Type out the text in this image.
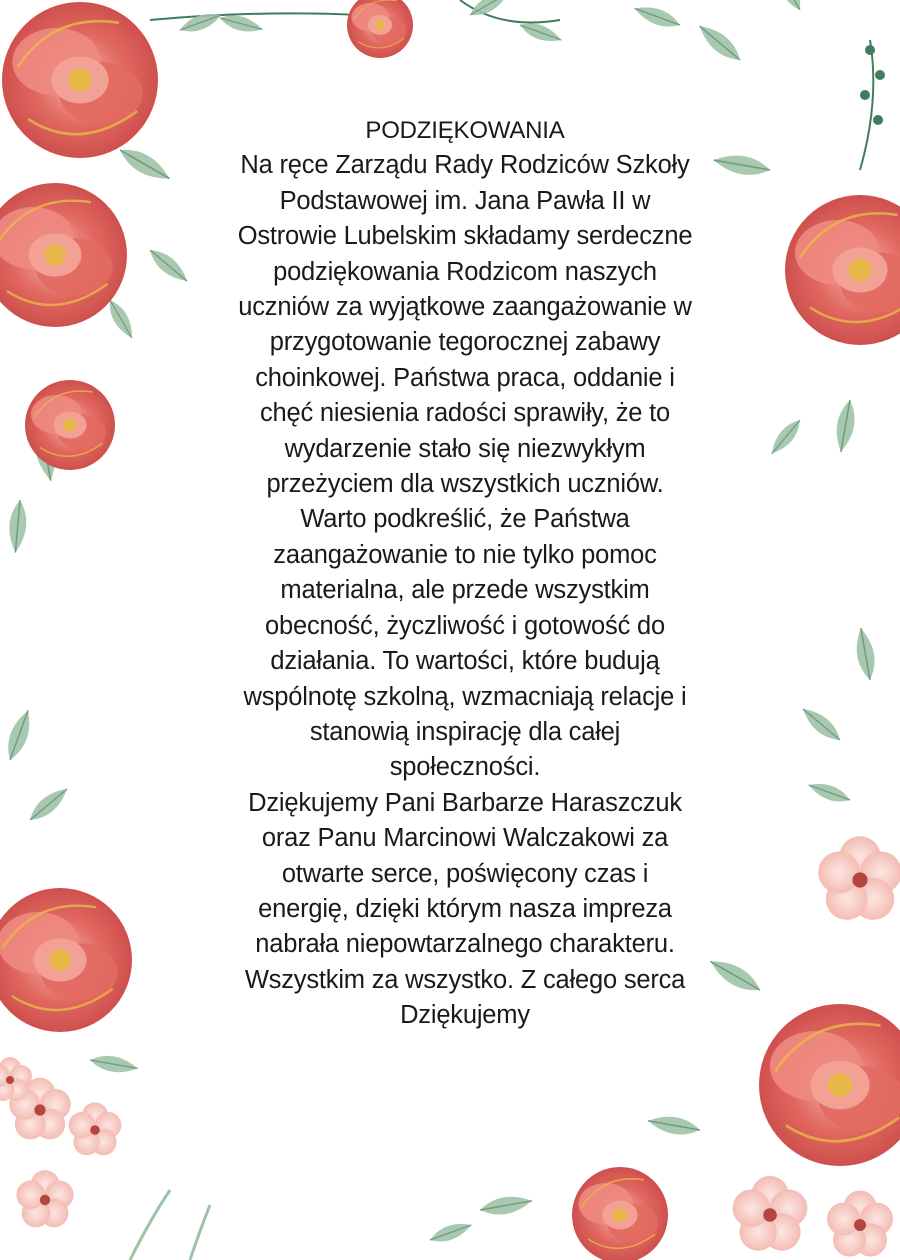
PODZIĘKOWANIA
Na ręce Zarządu Rady Rodziców Szkoły
Podstawowej im. Jana Pawła II w
Ostrowie Lubelskim składamy serdeczne
podziękowania Rodzicom naszych
uczniów za wyjątkowe zaangażowanie w
przygotowanie tegorocznej zabawy
choinkowej. Państwa praca, oddanie i
chęć niesienia radości sprawiły, że to
wydarzenie stało się niezwykłym
przeżyciem dla wszystkich uczniów.
Warto podkreślić, że Państwa
zaangażowanie to nie tylko pomoc
materialna, ale przede wszystkim
obecność, życzliwość i gotowość do
działania. To wartości, które budują
wspólnotę szkolną, wzmacniają relacje i
stanowią inspirację dla całej
społeczności.
Dziękujemy Pani Barbarze Haraszczuk
oraz Panu Marcinowi Walczakowi za
otwarte serce, poświęcony czas i
energię, dzięki którym nasza impreza
nabrała niepowtarzalnego charakteru.
Wszystkim za wszystko. Z całego serca
Dziękujemy
